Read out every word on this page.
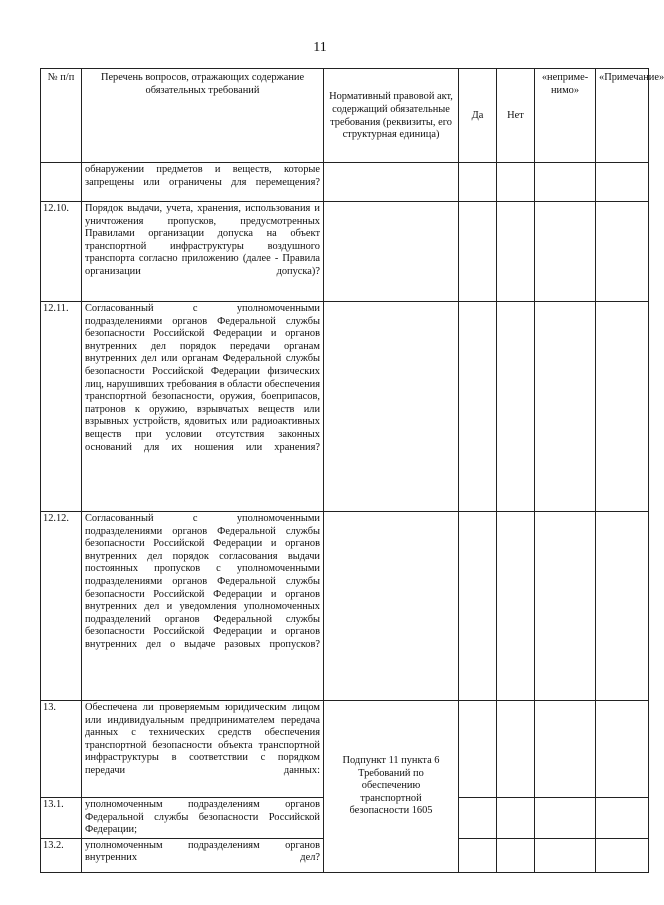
11
№ п/п	Перечень вопросов, отражающих содержание обязательных требований	Нормативный правовой акт, содержащий обязательные требования (реквизиты, его структурная единица)	Да	Нет	«неприме-нимо»	«Примечание»

	обнаружении предметов и веществ, которые запрещены или ограничены для перемещения?					

12.10.	Порядок выдачи, учета, хранения, использования и уничтожения пропусков, предусмотренных Правилами организации допуска на объект транспортной инфраструктуры воздушного транспорта согласно приложению (далее - Правила организации допуска)?					

12.11.	Согласованный с уполномоченными подразделениями органов Федеральной службы безопасности Российской Федерации и органов внутренних дел порядок передачи органам внутренних дел или органам Федеральной службы безопасности Российской Федерации физических лиц, нарушивших требования в области обеспечения транспортной безопасности, оружия, боеприпасов, патронов к оружию, взрывчатых веществ или взрывных устройств, ядовитых или радиоактивных веществ при условии отсутствия законных оснований для их ношения или хранения?					

12.12.	Согласованный с уполномоченными подразделениями органов Федеральной службы безопасности Российской Федерации и органов внутренних дел порядок согласования выдачи постоянных пропусков с уполномоченными подразделениями органов Федеральной службы безопасности Российской Федерации и органов внутренних дел и уведомления уполномоченных подразделений органов Федеральной службы безопасности Российской Федерации и органов внутренних дел о выдаче разовых пропусков?					

13.	Обеспечена ли проверяемым юридическим лицом или индивидуальным предпринимателем передача данных с технических средств обеспечения транспортной безопасности объекта транспортной инфраструктуры в соответствии с порядком передачи данных:	Подпункт 11 пункта 6 Требований по обеспечению транспортной безопасности 1605				
13.1.	уполномоченным подразделениям органов Федеральной службы безопасности Российской Федерации;					

13.2.	уполномоченным подразделениям органов внутренних дел?					
